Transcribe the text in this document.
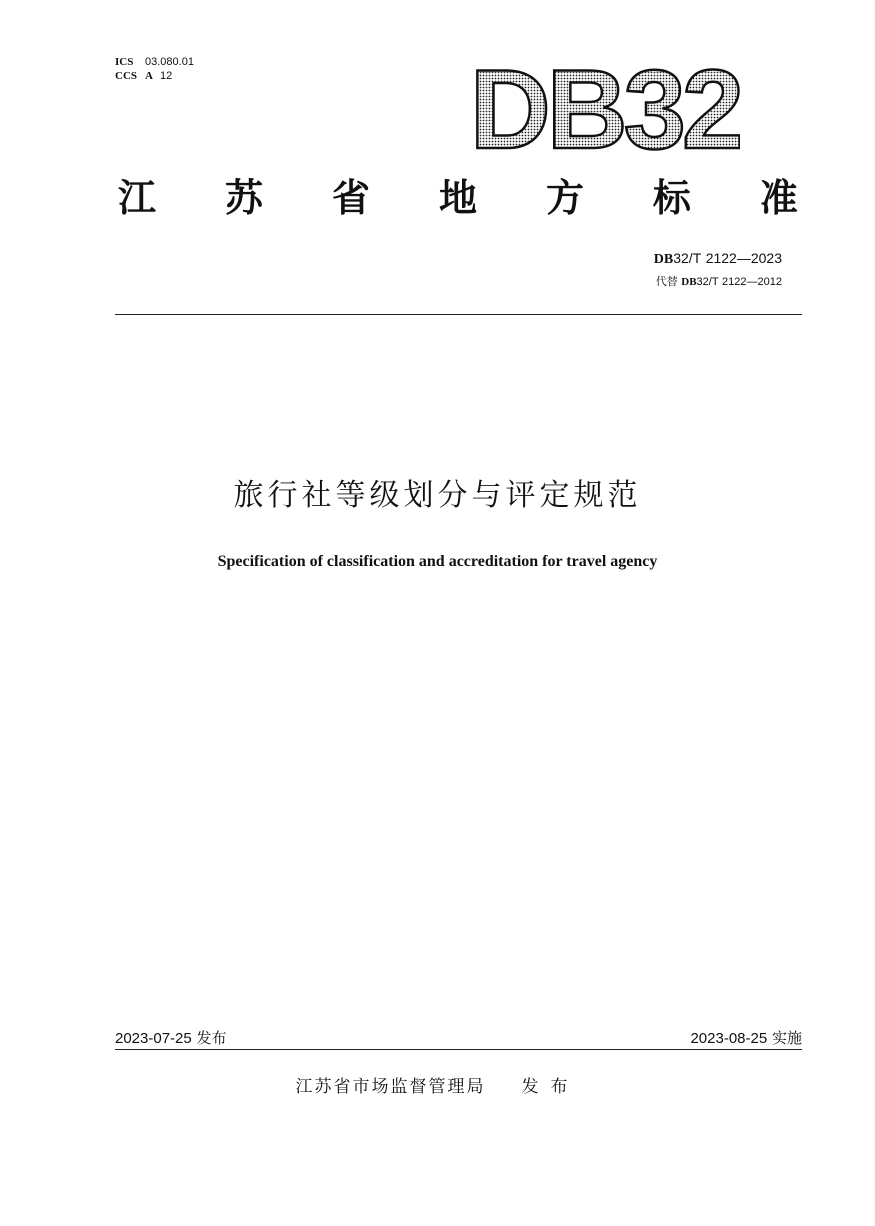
ICS 03.080.01
CCS A 12	DB32
江 苏 省 地 方 标 准
DB32/T 2122—2023
代替 DB32/T 2122—2012
旅行社等级划分与评定规范
Specification of classification and accreditation for travel agency
2023-07-25 发布	2023-08-25 实施
江苏省市场监督管理局 发布
